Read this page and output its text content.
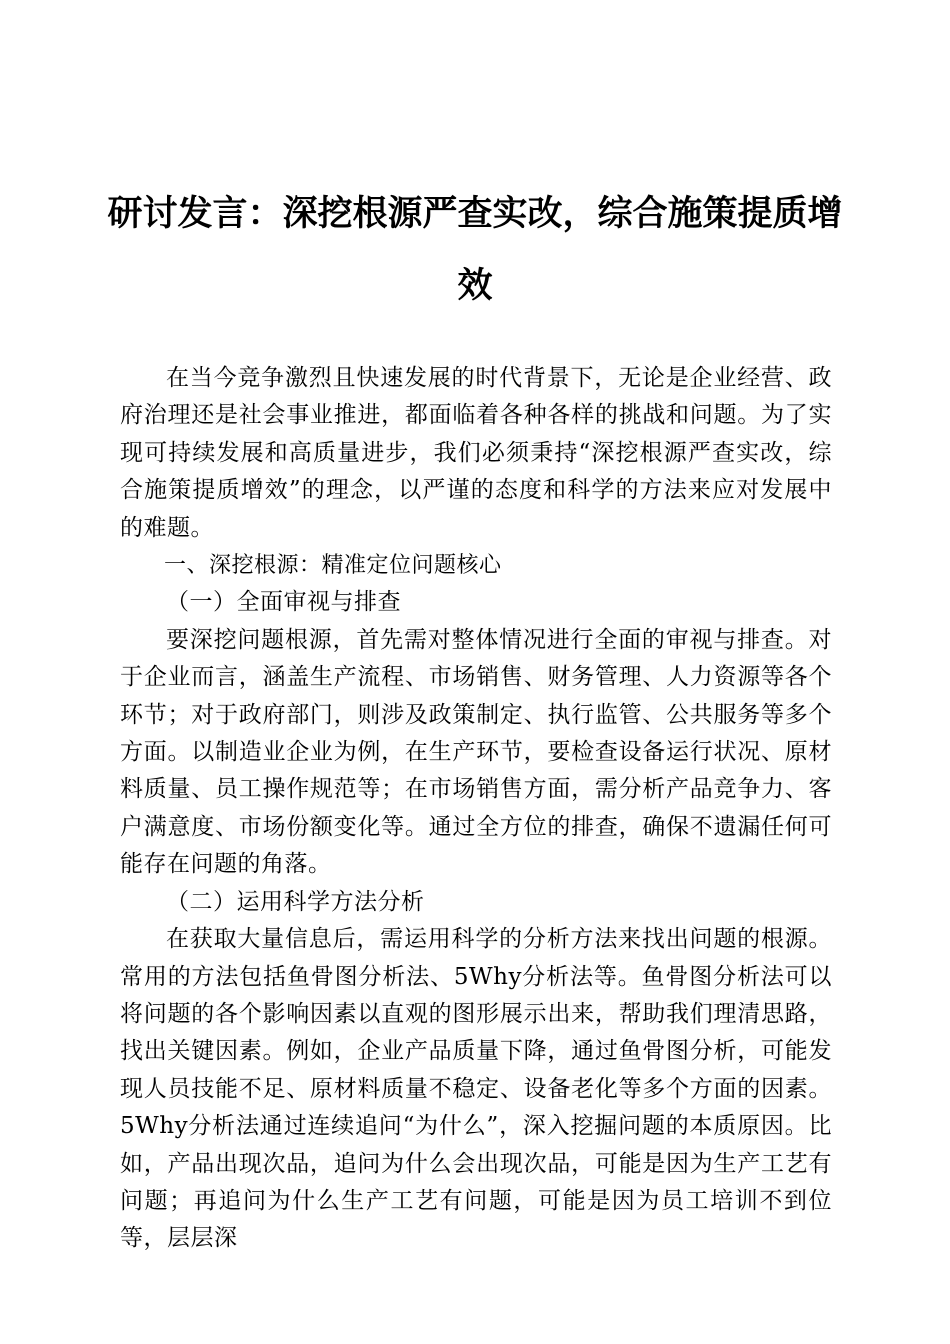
研讨发言：深挖根源严查实改，综合施策提质增效

在当今竞争激烈且快速发展的时代背景下，无论是企业经营、政府治理还是社会事业推进，都面临着各种各样的挑战和问题。为了实现可持续发展和高质量进步，我们必须秉持“深挖根源严查实改，综合施策提质增效”的理念，以严谨的态度和科学的方法来应对发展中的难题。

一、深挖根源：精准定位问题核心

（一）全面审视与排查

要深挖问题根源，首先需对整体情况进行全面的审视与排查。对于企业而言，涵盖生产流程、市场销售、财务管理、人力资源等各个环节；对于政府部门，则涉及政策制定、执行监管、公共服务等多个方面。以制造业企业为例，在生产环节，要检查设备运行状况、原材料质量、员工操作规范等；在市场销售方面，需分析产品竞争力、客户满意度、市场份额变化等。通过全方位的排查，确保不遗漏任何可能存在问题的角落。

（二）运用科学方法分析

在获取大量信息后，需运用科学的分析方法来找出问题的根源。常用的方法包括鱼骨图分析法、5Why分析法等。鱼骨图分析法可以将问题的各个影响因素以直观的图形展示出来，帮助我们理清思路，找出关键因素。例如，企业产品质量下降，通过鱼骨图分析，可能发现人员技能不足、原材料质量不稳定、设备老化等多个方面的因素。5Why分析法通过连续追问“为什么”，深入挖掘问题的本质原因。比如，产品出现次品，追问为什么会出现次品，可能是因为生产工艺有问题；再追问为什么生产工艺有问题，可能是因为员工培训不到位等，层层深
